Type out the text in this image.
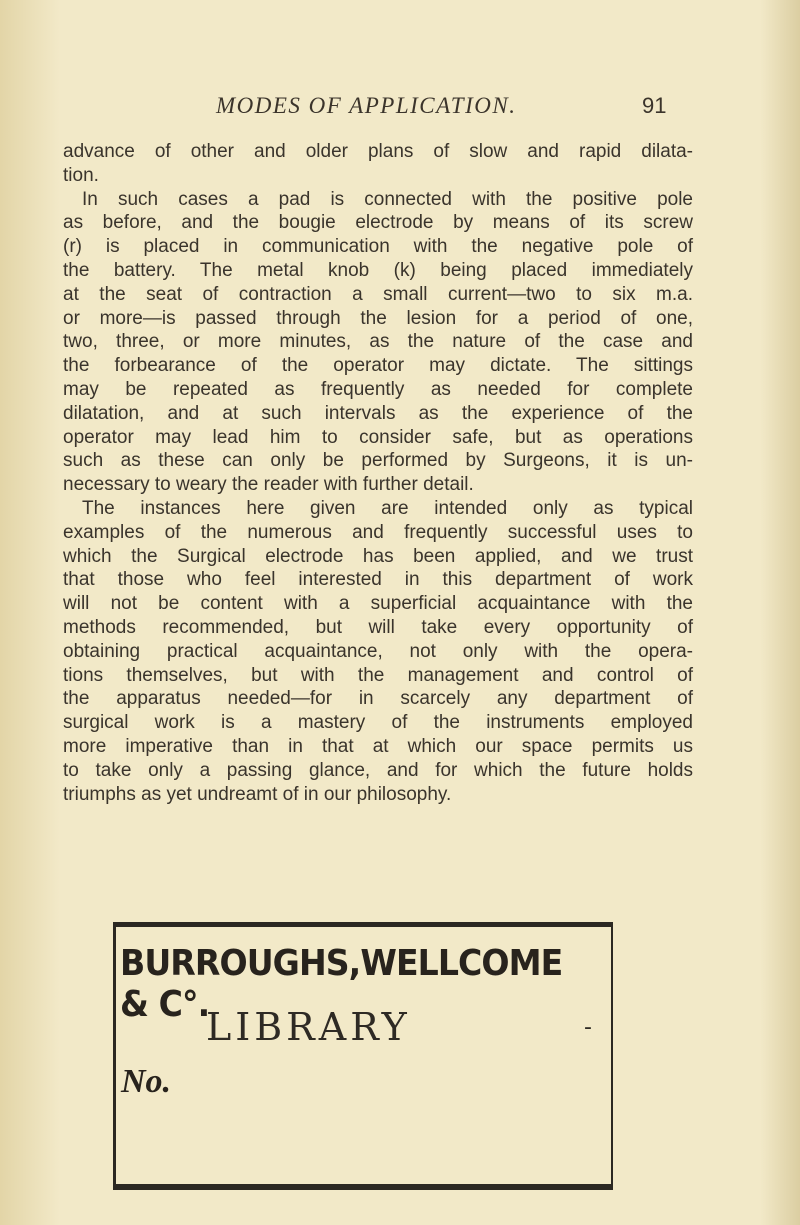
MODES OF APPLICATION.	91
advance of other and older plans of slow and rapid dilata-
tion.
In such cases a pad is connected with the positive pole
as before, and the bougie electrode by means of its screw
(r) is placed in communication with the negative pole of
the battery. The metal knob (k) being placed immediately
at the seat of contraction a small current—two to six m.a.
or more—is passed through the lesion for a period of one,
two, three, or more minutes, as the nature of the case and
the forbearance of the operator may dictate. The sittings
may be repeated as frequently as needed for complete
dilatation, and at such intervals as the experience of the
operator may lead him to consider safe, but as operations
such as these can only be performed by Surgeons, it is un-
necessary to weary the reader with further detail.
The instances here given are intended only as typical
examples of the numerous and frequently successful uses to
which the Surgical electrode has been applied, and we trust
that those who feel interested in this department of work
will not be content with a superficial acquaintance with the
methods recommended, but will take every opportunity of
obtaining practical acquaintance, not only with the opera-
tions themselves, but with the management and control of
the apparatus needed—for in scarcely any department of
surgical work is a mastery of the instruments employed
more imperative than in that at which our space permits us
to take only a passing glance, and for which the future holds
triumphs as yet undreamt of in our philosophy.
BURROUGHS,WELLCOME & C°.
LIBRARY	-
No.
